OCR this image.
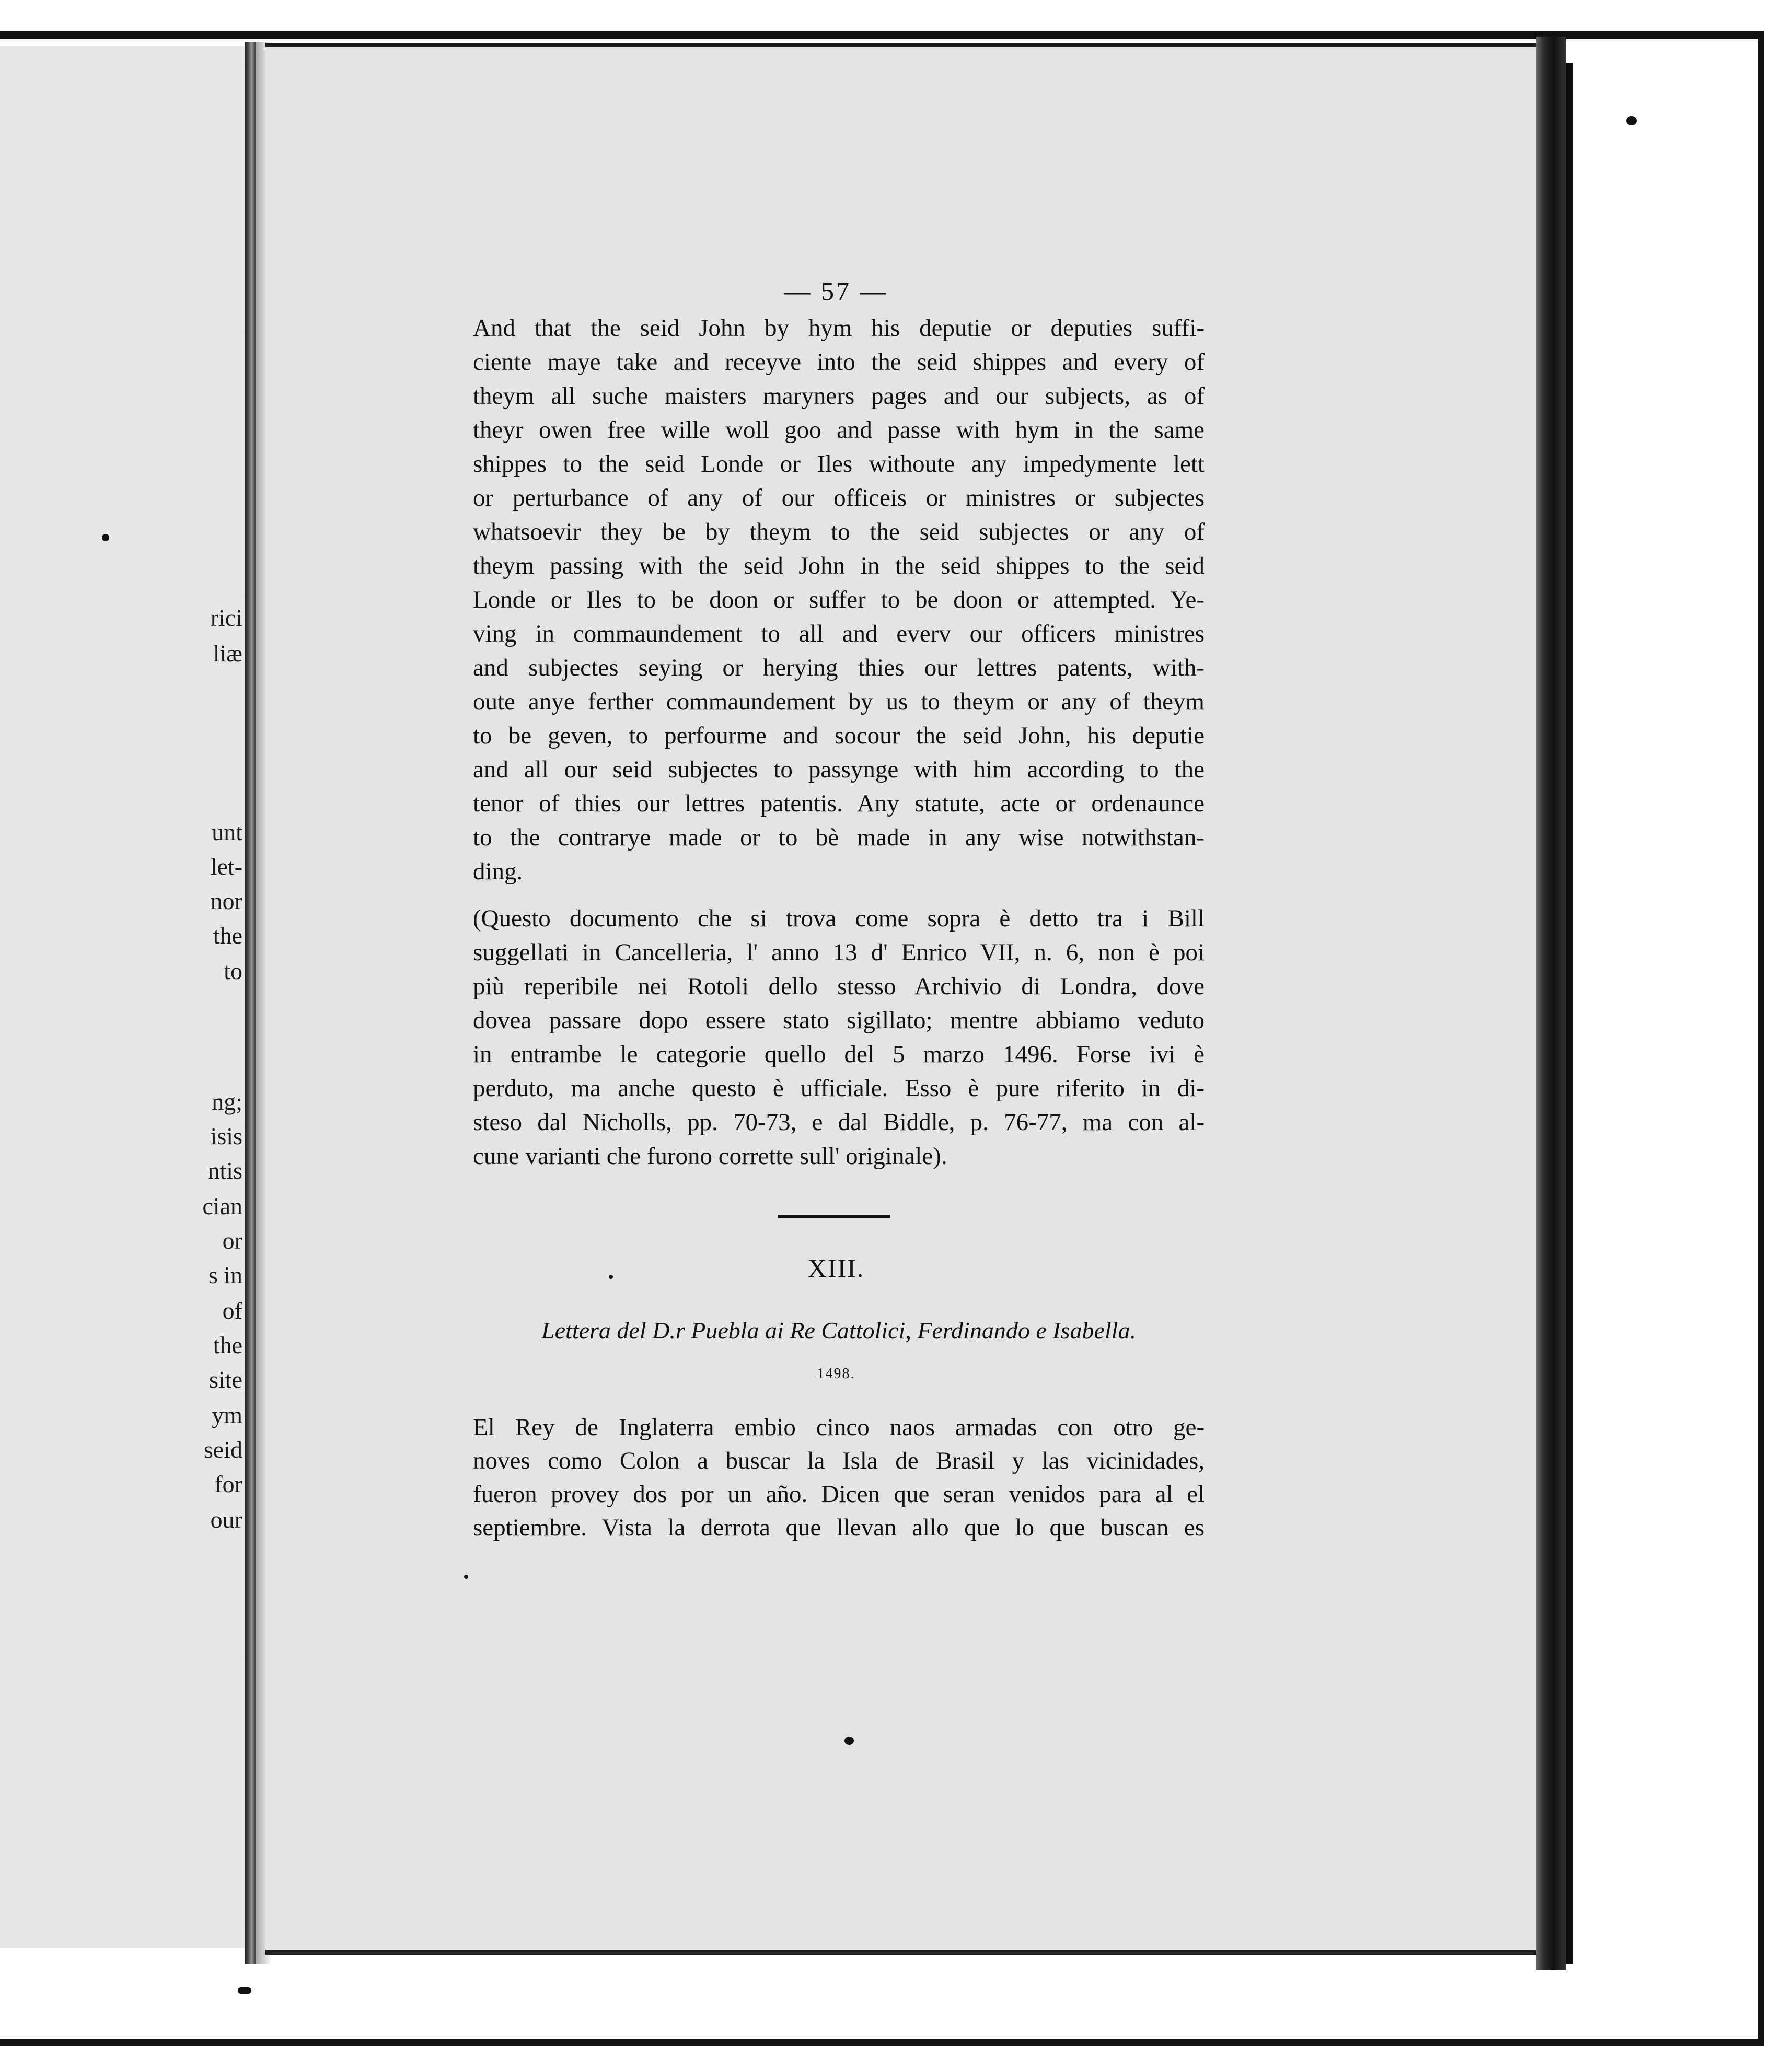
rici
liæ
unt
let-
nor
the
to
ng;
isis
ntis
cian
or
s in
of
the
site
ym
seid
for
our
— 57 —
And that the seid John by hym his deputie or deputies suffi-
ciente maye take and receyve into the seid shippes and every of
theym all suche maisters maryners pages and our subjects, as of
theyr owen free wille woll goo and passe with hym in the same
shippes to the seid Londe or Iles withoute any impedymente lett
or perturbance of any of our officeis or ministres or subjectes
whatsoevir they be by theym to the seid subjectes or any of
theym passing with the seid John in the seid shippes to the seid
Londe or Iles to be doon or suffer to be doon or attempted. Ye-
ving in commaundement to all and everv our officers ministres
and subjectes seying or herying thies our lettres patents, with-
oute anye ferther commaundement by us to theym or any of theym
to be geven, to perfourme and socour the seid John, his deputie
and all our seid subjectes to passynge with him according to the
tenor of thies our lettres patentis. Any statute, acte or ordenaunce
to the contrarye made or to bè made in any wise notwithstan-
ding.
(Questo documento che si trova come sopra è detto tra i Bill
suggellati in Cancelleria, l' anno 13 d' Enrico VII, n. 6, non è poi
più reperibile nei Rotoli dello stesso Archivio di Londra, dove
dovea passare dopo essere stato sigillato; mentre abbiamo veduto
in entrambe le categorie quello del 5 marzo 1496. Forse ivi è
perduto, ma anche questo è ufficiale. Esso è pure riferito in di-
steso dal Nicholls, pp. 70-73, e dal Biddle, p. 76-77, ma con al-
cune varianti che furono corrette sull' originale).
XIII.
Lettera del D.r Puebla ai Re Cattolici, Ferdinando e Isabella.
1498.
El Rey de Inglaterra embio cinco naos armadas con otro ge-
noves como Colon a buscar la Isla de Brasil y las vicinidades,
fueron provey dos por un año. Dicen que seran venidos para al el
septiembre. Vista la derrota que llevan allo que lo que buscan es
